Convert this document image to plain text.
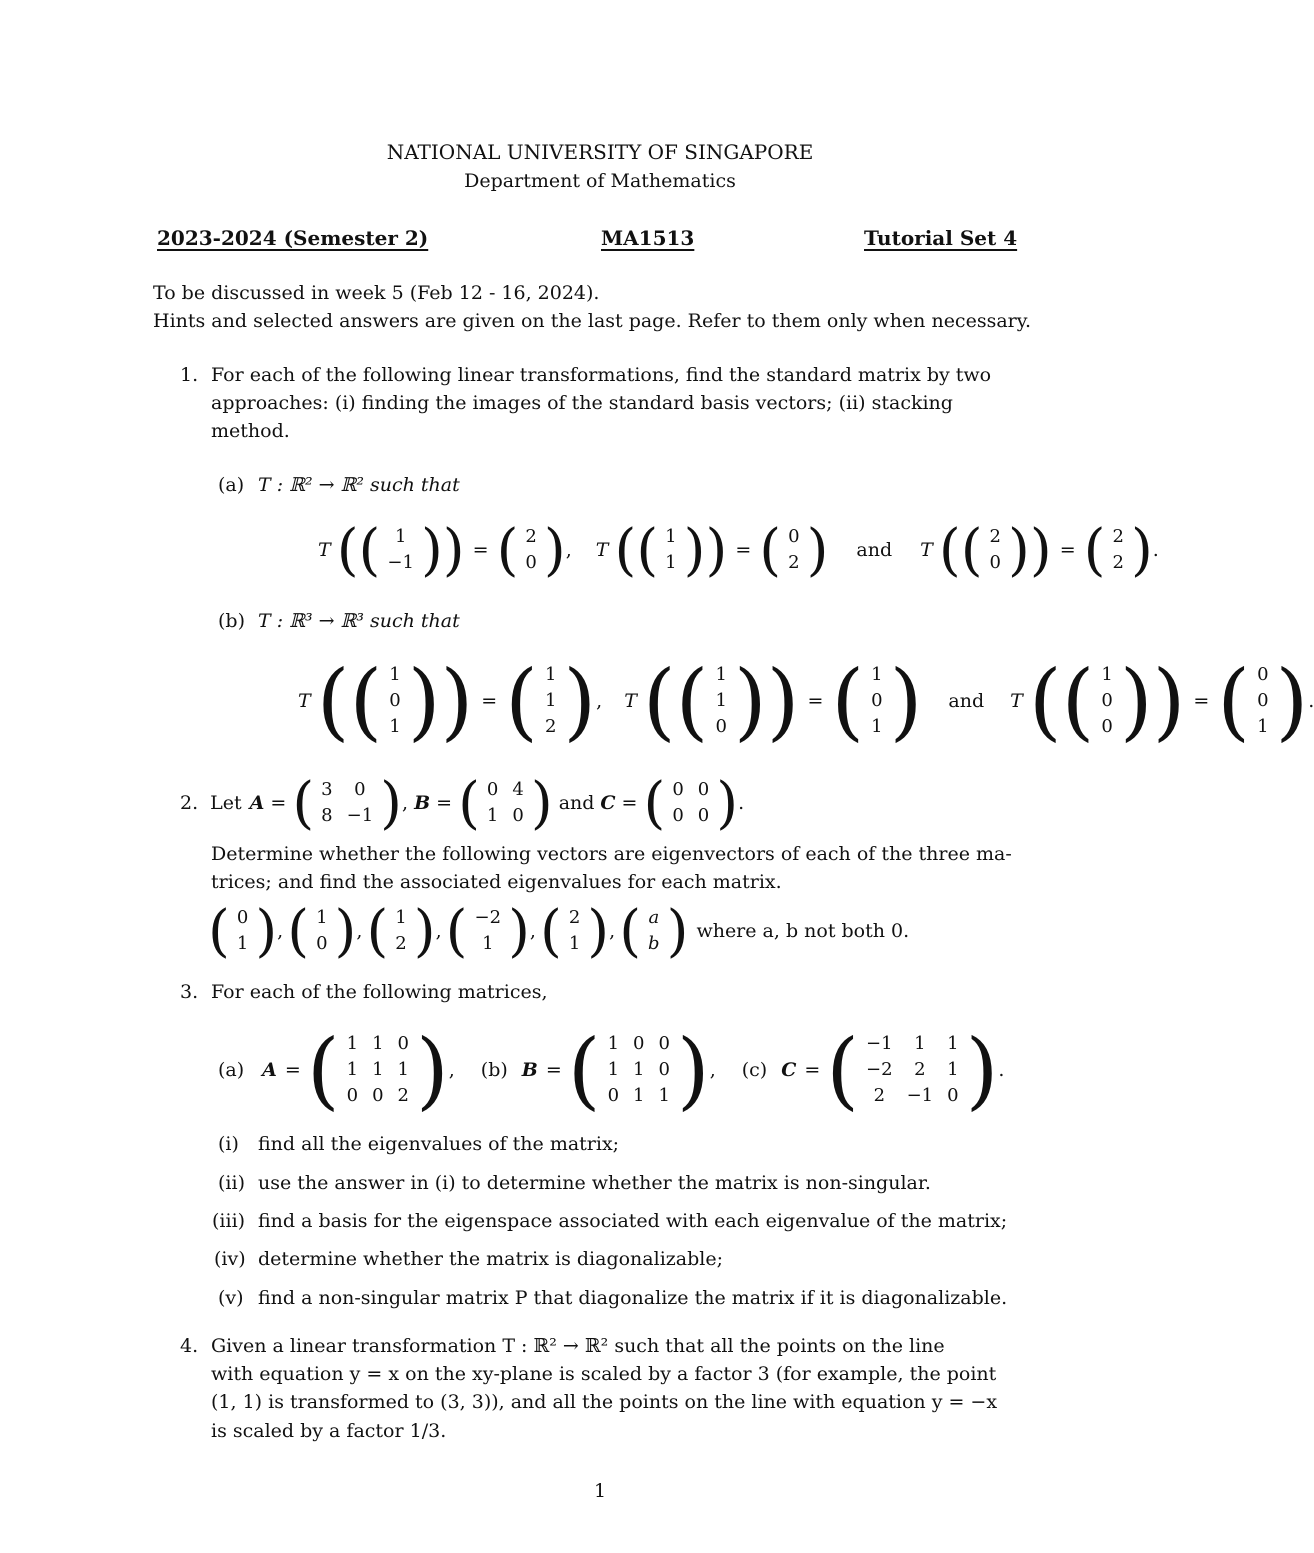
NATIONAL UNIVERSITY OF SINGAPORE
Department of Mathematics
2023-2024 (Semester 2)	MA1513	Tutorial Set 4
To be discussed in week 5 (Feb 12 - 16, 2024).
Hints and selected answers are given on the last page. Refer to them only when necessary.
1. For each of the following linear transformations, find the standard matrix by two
approaches: (i) finding the images of the standard basis vectors; (ii) stacking
method.
(a) T : ℝ² → ℝ² such that
T (( 1
−1 )) = ( 2
0 ) , T (( 1
1 )) = ( 0
2 ) and T (( 2
0 )) = ( 2
2 ) .
(b) T : ℝ³ → ℝ³ such that
T (( 1
0
1 )) = ( 1
1
2 ) , T (( 1
1
0 )) = ( 1
0
1 ) and T (( 1
0
0 )) = ( 0
0
1 ) .
2. Let A = ( 3	0
8	−1 ) , B = ( 0	4
1	0 ) and C = ( 0	0
0	0 ) .
Determine whether the following vectors are eigenvectors of each of the three ma-
trices; and find the associated eigenvalues for each matrix.
( 0
1 ) , ( 1
0 ) , ( 1
2 ) , ( −2
1 ) , ( 2
1 ) , ( a
b ) where a, b not both 0.
3. For each of the following matrices,
(a) A = ( 1	1	0
1	1	1
0	0	2 ) , (b) B = ( 1	0	0
1	1	0
0	1	1 ) , (c) C = ( −1	1	1
−2	2	1
2	−1	0 ) .
(i) find all the eigenvalues of the matrix;
(ii) use the answer in (i) to determine whether the matrix is non-singular.
(iii) find a basis for the eigenspace associated with each eigenvalue of the matrix;
(iv) determine whether the matrix is diagonalizable;
(v) find a non-singular matrix P that diagonalize the matrix if it is diagonalizable.
4. Given a linear transformation T : ℝ² → ℝ² such that all the points on the line
with equation y = x on the xy-plane is scaled by a factor 3 (for example, the point
(1, 1) is transformed to (3, 3)), and all the points on the line with equation y = −x
is scaled by a factor 1/3.
1
